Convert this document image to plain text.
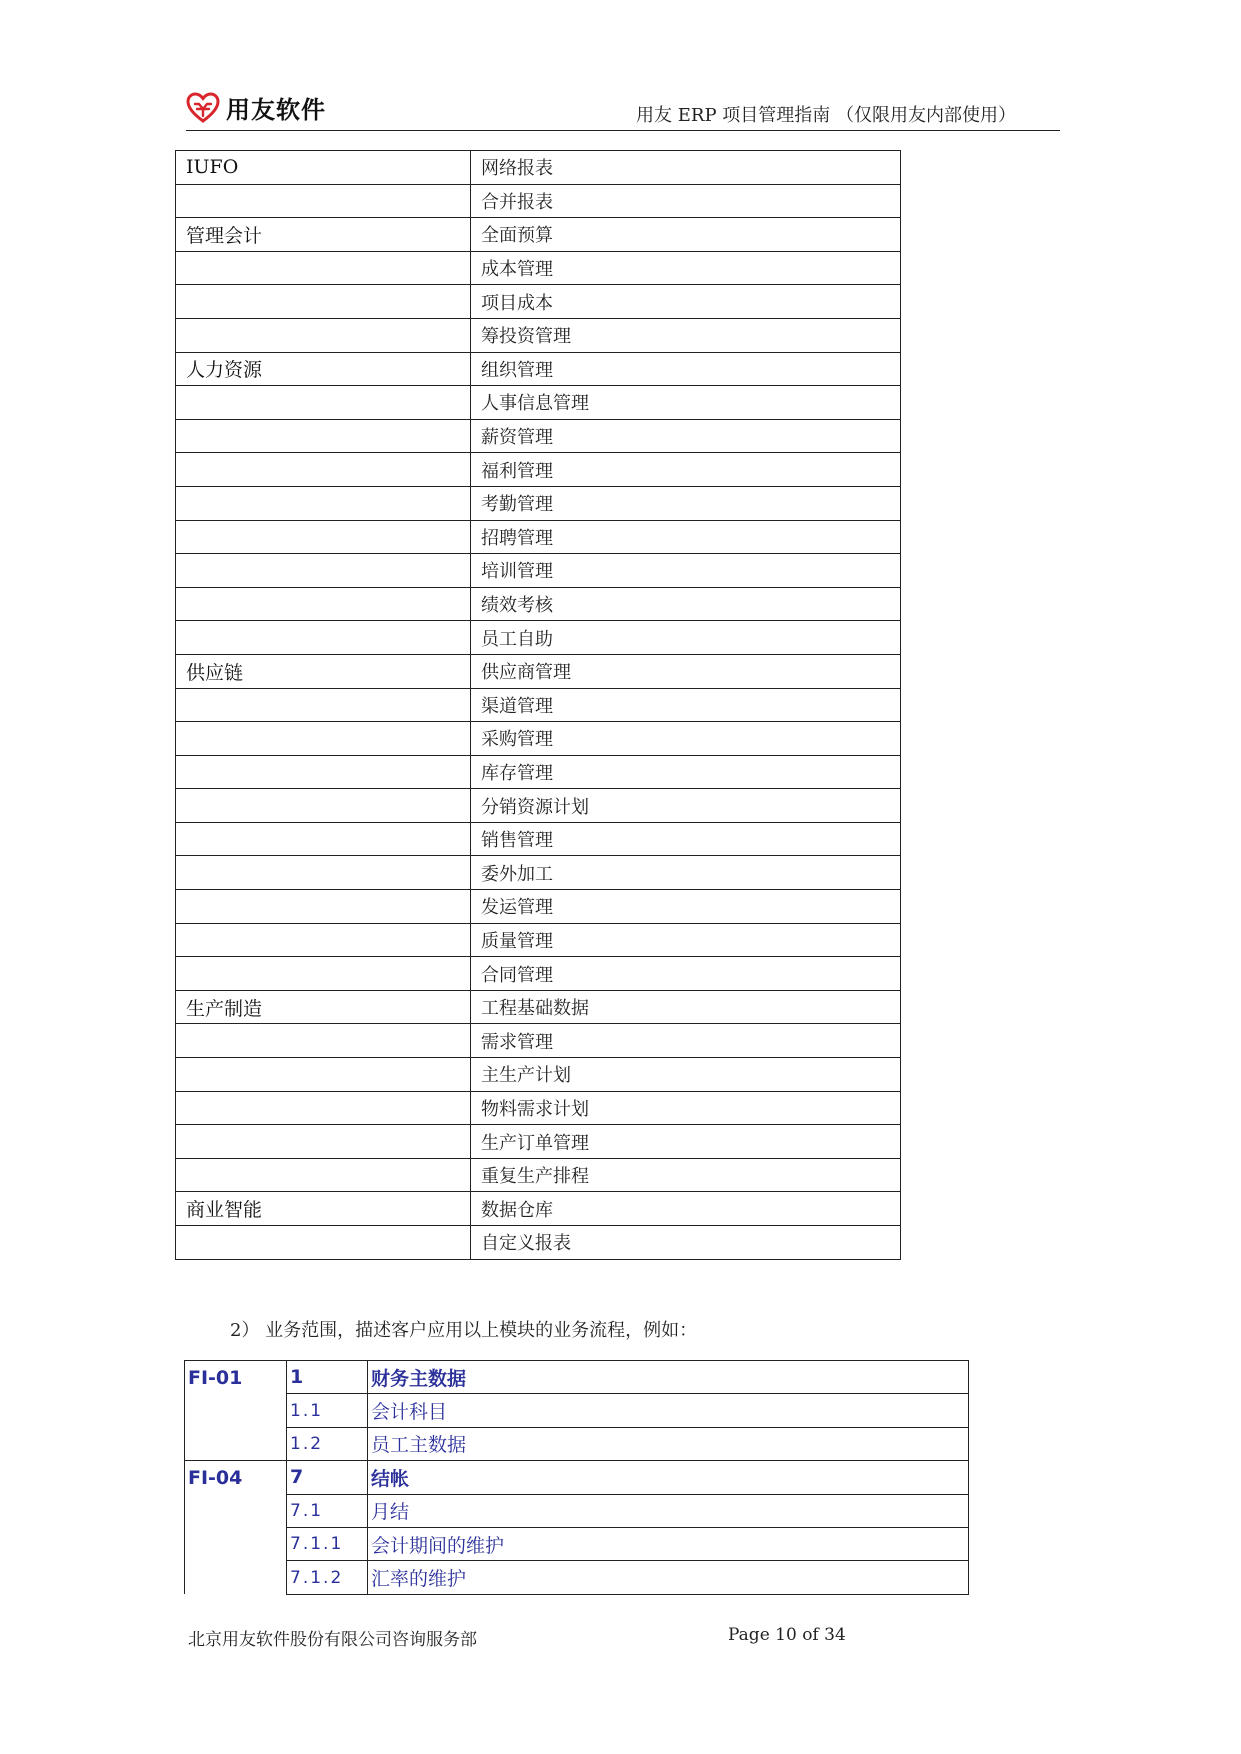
用友软件	用友 ERP 项目管理指南 （仅限用友内部使用）
IUFO	网络报表
	合并报表
管理会计	全面预算
	成本管理
	项目成本
	筹投资管理
人力资源	组织管理
	人事信息管理
	薪资管理
	福利管理
	考勤管理
	招聘管理
	培训管理
	绩效考核
	员工自助
供应链	供应商管理
	渠道管理
	采购管理
	库存管理
	分销资源计划
	销售管理
	委外加工
	发运管理
	质量管理
	合同管理
生产制造	工程基础数据
	需求管理
	主生产计划
	物料需求计划
	生产订单管理
	重复生产排程
商业智能	数据仓库
	自定义报表
2） 业务范围，描述客户应用以上模块的业务流程，例如：
FI-01	1	财务主数据
	1.1	会计科目
	1.2	员工主数据
FI-04	7	结帐
	7.1	月结
	7.1.1	会计期间的维护
	7.1.2	汇率的维护
北京用友软件股份有限公司咨询服务部	Page 10 of 34
